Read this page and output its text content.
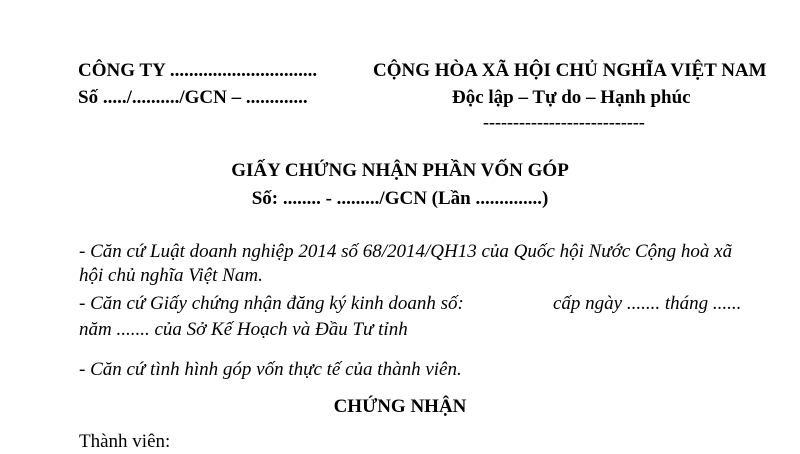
CÔNG TY ...............................
Số ...../........../GCN – .............
CỘNG HÒA XÃ HỘI CHỦ NGHĨA VIỆT NAM
Độc lập – Tự do – Hạnh phúc
---------------------------
GIẤY CHỨNG NHẬN PHẦN VỐN GÓP
Số: ........ - ........./GCN (Lần ..............)
- Căn cứ Luật doanh nghiệp 2014 số 68/2014/QH13 của Quốc hội Nước Cộng hoà xã
hội chủ nghĩa Việt Nam.
- Căn cứ Giấy chứng nhận đăng ký kinh doanh số:	cấp ngày ....... tháng ......
năm ....... của Sở Kế Hoạch và Đầu Tư tỉnh
- Căn cứ tình hình góp vốn thực tế của thành viên.
CHỨNG NHẬN
Thành viên:
